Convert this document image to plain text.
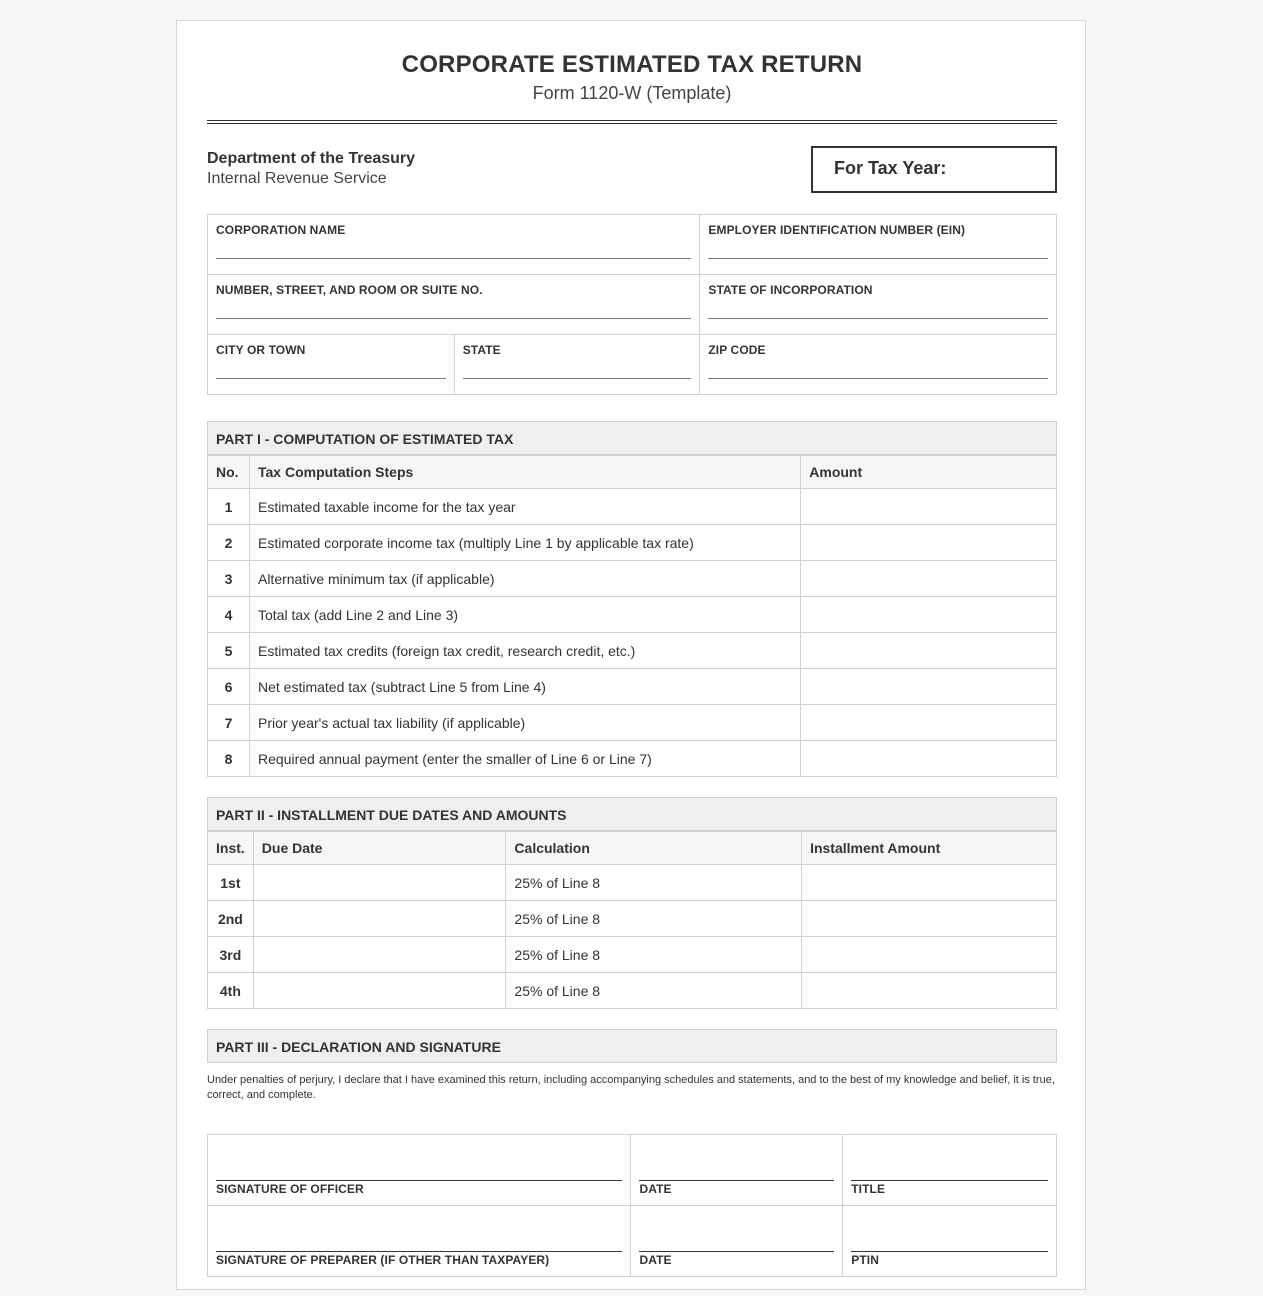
CORPORATE ESTIMATED TAX RETURN
Form 1120-W (Template)
Department of the Treasury
Internal Revenue Service
For Tax Year:
CORPORATION NAME		EMPLOYER IDENTIFICATION NUMBER (EIN)

NUMBER, STREET, AND ROOM OR SUITE NO.		STATE OF INCORPORATION

CITY OR TOWN	STATE	ZIP CODE
PART I - COMPUTATION OF ESTIMATED TAX
No.	Tax Computation Steps	Amount
1	Estimated taxable income for the tax year	
2	Estimated corporate income tax (multiply Line 1 by applicable tax rate)	
3	Alternative minimum tax (if applicable)	
4	Total tax (add Line 2 and Line 3)	
5	Estimated tax credits (foreign tax credit, research credit, etc.)	
6	Net estimated tax (subtract Line 5 from Line 4)	
7	Prior year's actual tax liability (if applicable)	
8	Required annual payment (enter the smaller of Line 6 or Line 7)	
PART II - INSTALLMENT DUE DATES AND AMOUNTS
Inst.	Due Date	Calculation	Installment Amount
1st		25% of Line 8	
2nd		25% of Line 8	
3rd		25% of Line 8	
4th		25% of Line 8	
PART III - DECLARATION AND SIGNATURE
Under penalties of perjury, I declare that I have examined this return, including accompanying schedules and statements, and to the best of my knowledge and belief, it is true, correct, and complete.
SIGNATURE OF OFFICER	DATE	TITLE

SIGNATURE OF PREPARER (IF OTHER THAN TAXPAYER)	DATE	PTIN
